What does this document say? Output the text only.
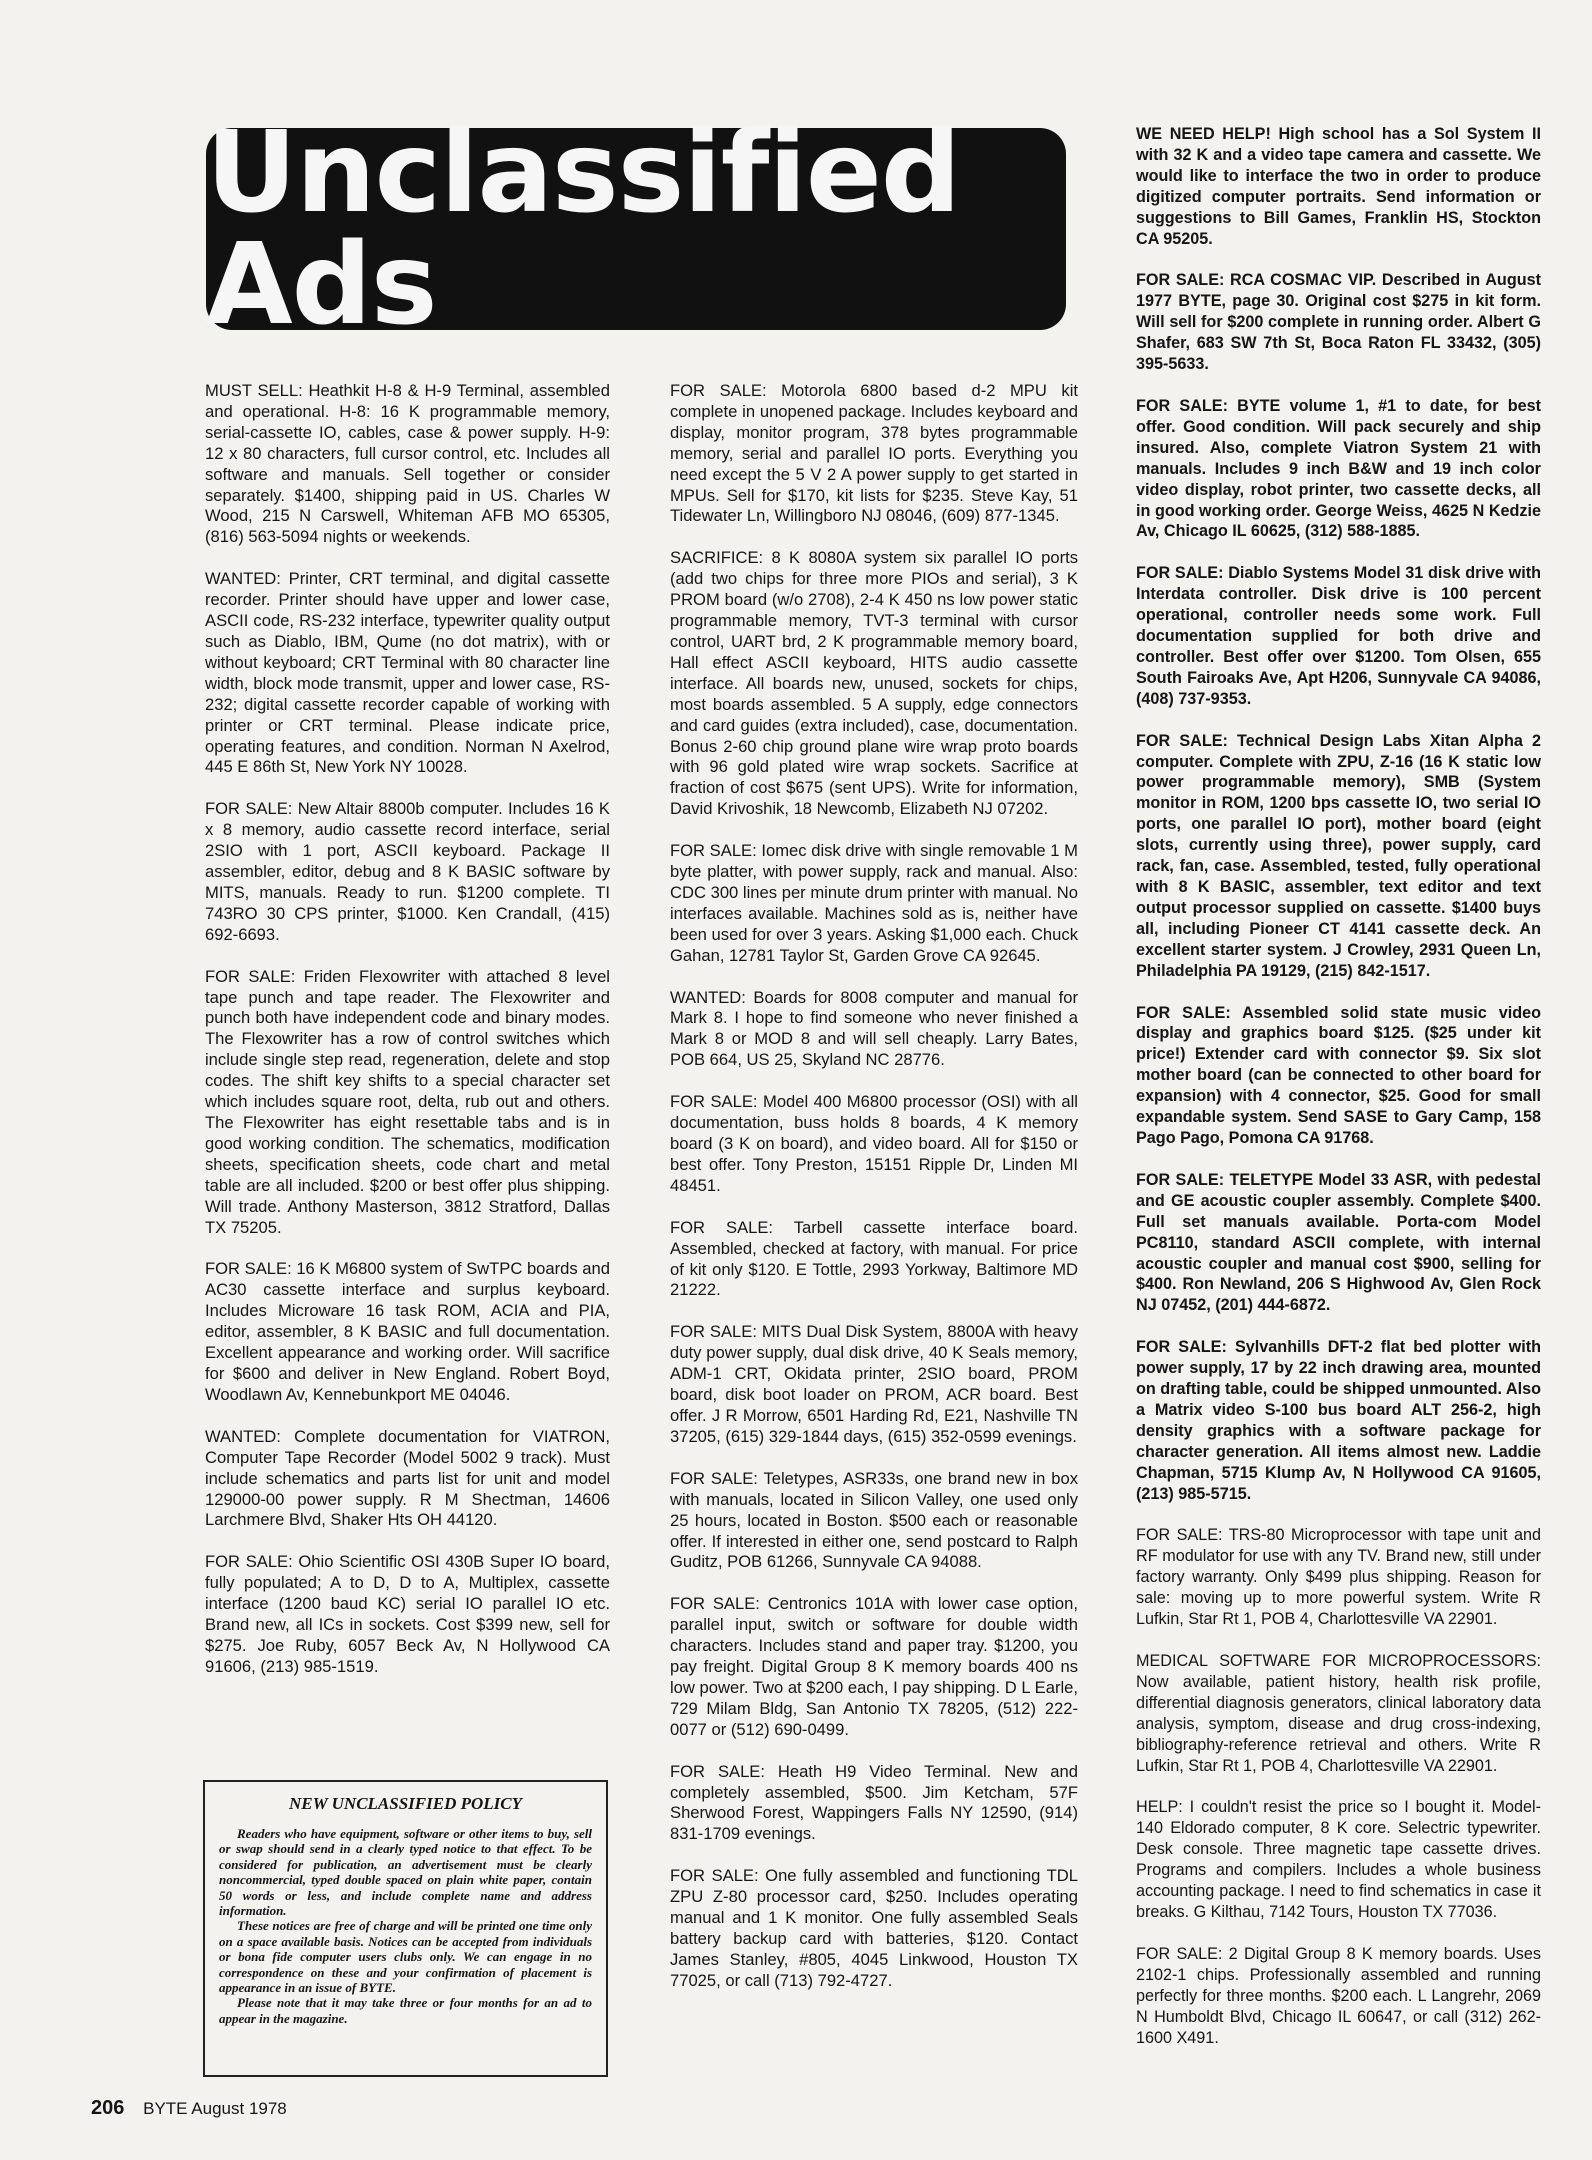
Unclassified Ads

MUST SELL: Heathkit H-8 & H-9 Terminal, assembled and operational. H-8: 16 K programmable memory, serial-cassette IO, cables, case & power supply. H-9: 12 x 80 characters, full cursor control, etc. Includes all software and manuals. Sell together or consider separately. $1400, shipping paid in US. Charles W Wood, 215 N Carswell, Whiteman AFB MO 65305, (816) 563-5094 nights or weekends.

WANTED: Printer, CRT terminal, and digital cassette recorder. Printer should have upper and lower case, ASCII code, RS-232 interface, typewriter quality output such as Diablo, IBM, Qume (no dot matrix), with or without keyboard; CRT Terminal with 80 character line width, block mode transmit, upper and lower case, RS-232; digital cassette recorder capable of working with printer or CRT terminal. Please indicate price, operating features, and condition. Norman N Axelrod, 445 E 86th St, New York NY 10028.

FOR SALE: New Altair 8800b computer. Includes 16 K x 8 memory, audio cassette record interface, serial 2SIO with 1 port, ASCII keyboard. Package II assembler, editor, debug and 8 K BASIC software by MITS, manuals. Ready to run. $1200 complete. TI 743RO 30 CPS printer, $1000. Ken Crandall, (415) 692-6693.

FOR SALE: Friden Flexowriter with attached 8 level tape punch and tape reader. The Flexowriter and punch both have independent code and binary modes. The Flexowriter has a row of control switches which include single step read, regeneration, delete and stop codes. The shift key shifts to a special character set which includes square root, delta, rub out and others. The Flexowriter has eight resettable tabs and is in good working condition. The schematics, modification sheets, specification sheets, code chart and metal table are all included. $200 or best offer plus shipping. Will trade. Anthony Masterson, 3812 Stratford, Dallas TX 75205.

FOR SALE: 16 K M6800 system of SwTPC boards and AC30 cassette interface and surplus keyboard. Includes Microware 16 task ROM, ACIA and PIA, editor, assembler, 8 K BASIC and full documentation. Excellent appearance and working order. Will sacrifice for $600 and deliver in New England. Robert Boyd, Woodlawn Av, Kennebunkport ME 04046.

WANTED: Complete documentation for VIATRON, Computer Tape Recorder (Model 5002 9 track). Must include schematics and parts list for unit and model 129000-00 power supply. R M Shectman, 14606 Larchmere Blvd, Shaker Hts OH 44120.

FOR SALE: Ohio Scientific OSI 430B Super IO board, fully populated; A to D, D to A, Multiplex, cassette interface (1200 baud KC) serial IO parallel IO etc. Brand new, all ICs in sockets. Cost $399 new, sell for $275. Joe Ruby, 6057 Beck Av, N Hollywood CA 91606, (213) 985-1519.

FOR SALE: Motorola 6800 based d-2 MPU kit complete in unopened package. Includes keyboard and display, monitor program, 378 bytes programmable memory, serial and parallel IO ports. Everything you need except the 5 V 2 A power supply to get started in MPUs. Sell for $170, kit lists for $235. Steve Kay, 51 Tidewater Ln, Willingboro NJ 08046, (609) 877-1345.

SACRIFICE: 8 K 8080A system six parallel IO ports (add two chips for three more PIOs and serial), 3 K PROM board (w/o 2708), 2-4 K 450 ns low power static programmable memory, TVT-3 terminal with cursor control, UART brd, 2 K programmable memory board, Hall effect ASCII keyboard, HITS audio cassette interface. All boards new, unused, sockets for chips, most boards assembled. 5 A supply, edge connectors and card guides (extra included), case, documentation. Bonus 2-60 chip ground plane wire wrap proto boards with 96 gold plated wire wrap sockets. Sacrifice at fraction of cost $675 (sent UPS). Write for information, David Krivoshik, 18 Newcomb, Elizabeth NJ 07202.

FOR SALE: Iomec disk drive with single removable 1 M byte platter, with power supply, rack and manual. Also: CDC 300 lines per minute drum printer with manual. No interfaces available. Machines sold as is, neither have been used for over 3 years. Asking $1,000 each. Chuck Gahan, 12781 Taylor St, Garden Grove CA 92645.

WANTED: Boards for 8008 computer and manual for Mark 8. I hope to find someone who never finished a Mark 8 or MOD 8 and will sell cheaply. Larry Bates, POB 664, US 25, Skyland NC 28776.

FOR SALE: Model 400 M6800 processor (OSI) with all documentation, buss holds 8 boards, 4 K memory board (3 K on board), and video board. All for $150 or best offer. Tony Preston, 15151 Ripple Dr, Linden MI 48451.

FOR SALE: Tarbell cassette interface board. Assembled, checked at factory, with manual. For price of kit only $120. E Tottle, 2993 Yorkway, Baltimore MD 21222.

FOR SALE: MITS Dual Disk System, 8800A with heavy duty power supply, dual disk drive, 40 K Seals memory, ADM-1 CRT, Okidata printer, 2SIO board, PROM board, disk boot loader on PROM, ACR board. Best offer. J R Morrow, 6501 Harding Rd, E21, Nashville TN 37205, (615) 329-1844 days, (615) 352-0599 evenings.

FOR SALE: Teletypes, ASR33s, one brand new in box with manuals, located in Silicon Valley, one used only 25 hours, located in Boston. $500 each or reasonable offer. If interested in either one, send postcard to Ralph Guditz, POB 61266, Sunnyvale CA 94088.

FOR SALE: Centronics 101A with lower case option, parallel input, switch or software for double width characters. Includes stand and paper tray. $1200, you pay freight. Digital Group 8 K memory boards 400 ns low power. Two at $200 each, I pay shipping. D L Earle, 729 Milam Bldg, San Antonio TX 78205, (512) 222-0077 or (512) 690-0499.

FOR SALE: Heath H9 Video Terminal. New and completely assembled, $500. Jim Ketcham, 57F Sherwood Forest, Wappingers Falls NY 12590, (914) 831-1709 evenings.

FOR SALE: One fully assembled and functioning TDL ZPU Z-80 processor card, $250. Includes operating manual and 1 K monitor. One fully assembled Seals battery backup card with batteries, $120. Contact James Stanley, #805, 4045 Linkwood, Houston TX 77025, or call (713) 792-4727.

WE NEED HELP! High school has a Sol System II with 32 K and a video tape camera and cassette. We would like to interface the two in order to produce digitized computer portraits. Send information or suggestions to Bill Games, Franklin HS, Stockton CA 95205.

FOR SALE: RCA COSMAC VIP. Described in August 1977 BYTE, page 30. Original cost $275 in kit form. Will sell for $200 complete in running order. Albert G Shafer, 683 SW 7th St, Boca Raton FL 33432, (305) 395-5633.

FOR SALE: BYTE volume 1, #1 to date, for best offer. Good condition. Will pack securely and ship insured. Also, complete Viatron System 21 with manuals. Includes 9 inch B&W and 19 inch color video display, robot printer, two cassette decks, all in good working order. George Weiss, 4625 N Kedzie Av, Chicago IL 60625, (312) 588-1885.

FOR SALE: Diablo Systems Model 31 disk drive with Interdata controller. Disk drive is 100 percent operational, controller needs some work. Full documentation supplied for both drive and controller. Best offer over $1200. Tom Olsen, 655 South Fairoaks Ave, Apt H206, Sunnyvale CA 94086, (408) 737-9353.

FOR SALE: Technical Design Labs Xitan Alpha 2 computer. Complete with ZPU, Z-16 (16 K static low power programmable memory), SMB (System monitor in ROM, 1200 bps cassette IO, two serial IO ports, one parallel IO port), mother board (eight slots, currently using three), power supply, card rack, fan, case. Assembled, tested, fully operational with 8 K BASIC, assembler, text editor and text output processor supplied on cassette. $1400 buys all, including Pioneer CT 4141 cassette deck. An excellent starter system. J Crowley, 2931 Queen Ln, Philadelphia PA 19129, (215) 842-1517.

FOR SALE: Assembled solid state music video display and graphics board $125. ($25 under kit price!) Extender card with connector $9. Six slot mother board (can be connected to other board for expansion) with 4 connector, $25. Good for small expandable system. Send SASE to Gary Camp, 158 Pago Pago, Pomona CA 91768.

FOR SALE: TELETYPE Model 33 ASR, with pedestal and GE acoustic coupler assembly. Complete $400. Full set manuals available. Porta-com Model PC8110, standard ASCII complete, with internal acoustic coupler and manual cost $900, selling for $400. Ron Newland, 206 S Highwood Av, Glen Rock NJ 07452, (201) 444-6872.

FOR SALE: Sylvanhills DFT-2 flat bed plotter with power supply, 17 by 22 inch drawing area, mounted on drafting table, could be shipped unmounted. Also a Matrix video S-100 bus board ALT 256-2, high density graphics with a software package for character generation. All items almost new. Laddie Chapman, 5715 Klump Av, N Hollywood CA 91605, (213) 985-5715.

FOR SALE: TRS-80 Microprocessor with tape unit and RF modulator for use with any TV. Brand new, still under factory warranty. Only $499 plus shipping. Reason for sale: moving up to more powerful system. Write R Lufkin, Star Rt 1, POB 4, Charlottesville VA 22901.

MEDICAL SOFTWARE FOR MICROPROCESSORS: Now available, patient history, health risk profile, differential diagnosis generators, clinical laboratory data analysis, symptom, disease and drug cross-indexing, bibliography-reference retrieval and others. Write R Lufkin, Star Rt 1, POB 4, Charlottesville VA 22901.

HELP: I couldn't resist the price so I bought it. Model-140 Eldorado computer, 8 K core. Selectric typewriter. Desk console. Three magnetic tape cassette drives. Programs and compilers. Includes a whole business accounting package. I need to find schematics in case it breaks. G Kilthau, 7142 Tours, Houston TX 77036.

FOR SALE: 2 Digital Group 8 K memory boards. Uses 2102-1 chips. Professionally assembled and running perfectly for three months. $200 each. L Langrehr, 2069 N Humboldt Blvd, Chicago IL 60647, or call (312) 262-1600 X491.

NEW UNCLASSIFIED POLICY

Readers who have equipment, software or other items to buy, sell or swap should send in a clearly typed notice to that effect. To be considered for publication, an advertisement must be clearly noncommercial, typed double spaced on plain white paper, contain 50 words or less, and include complete name and address information.

These notices are free of charge and will be printed one time only on a space available basis. Notices can be accepted from individuals or bona fide computer users clubs only. We can engage in no correspondence on these and your confirmation of placement is appearance in an issue of BYTE.

Please note that it may take three or four months for an ad to appear in the magazine.

206 BYTE August 1978
